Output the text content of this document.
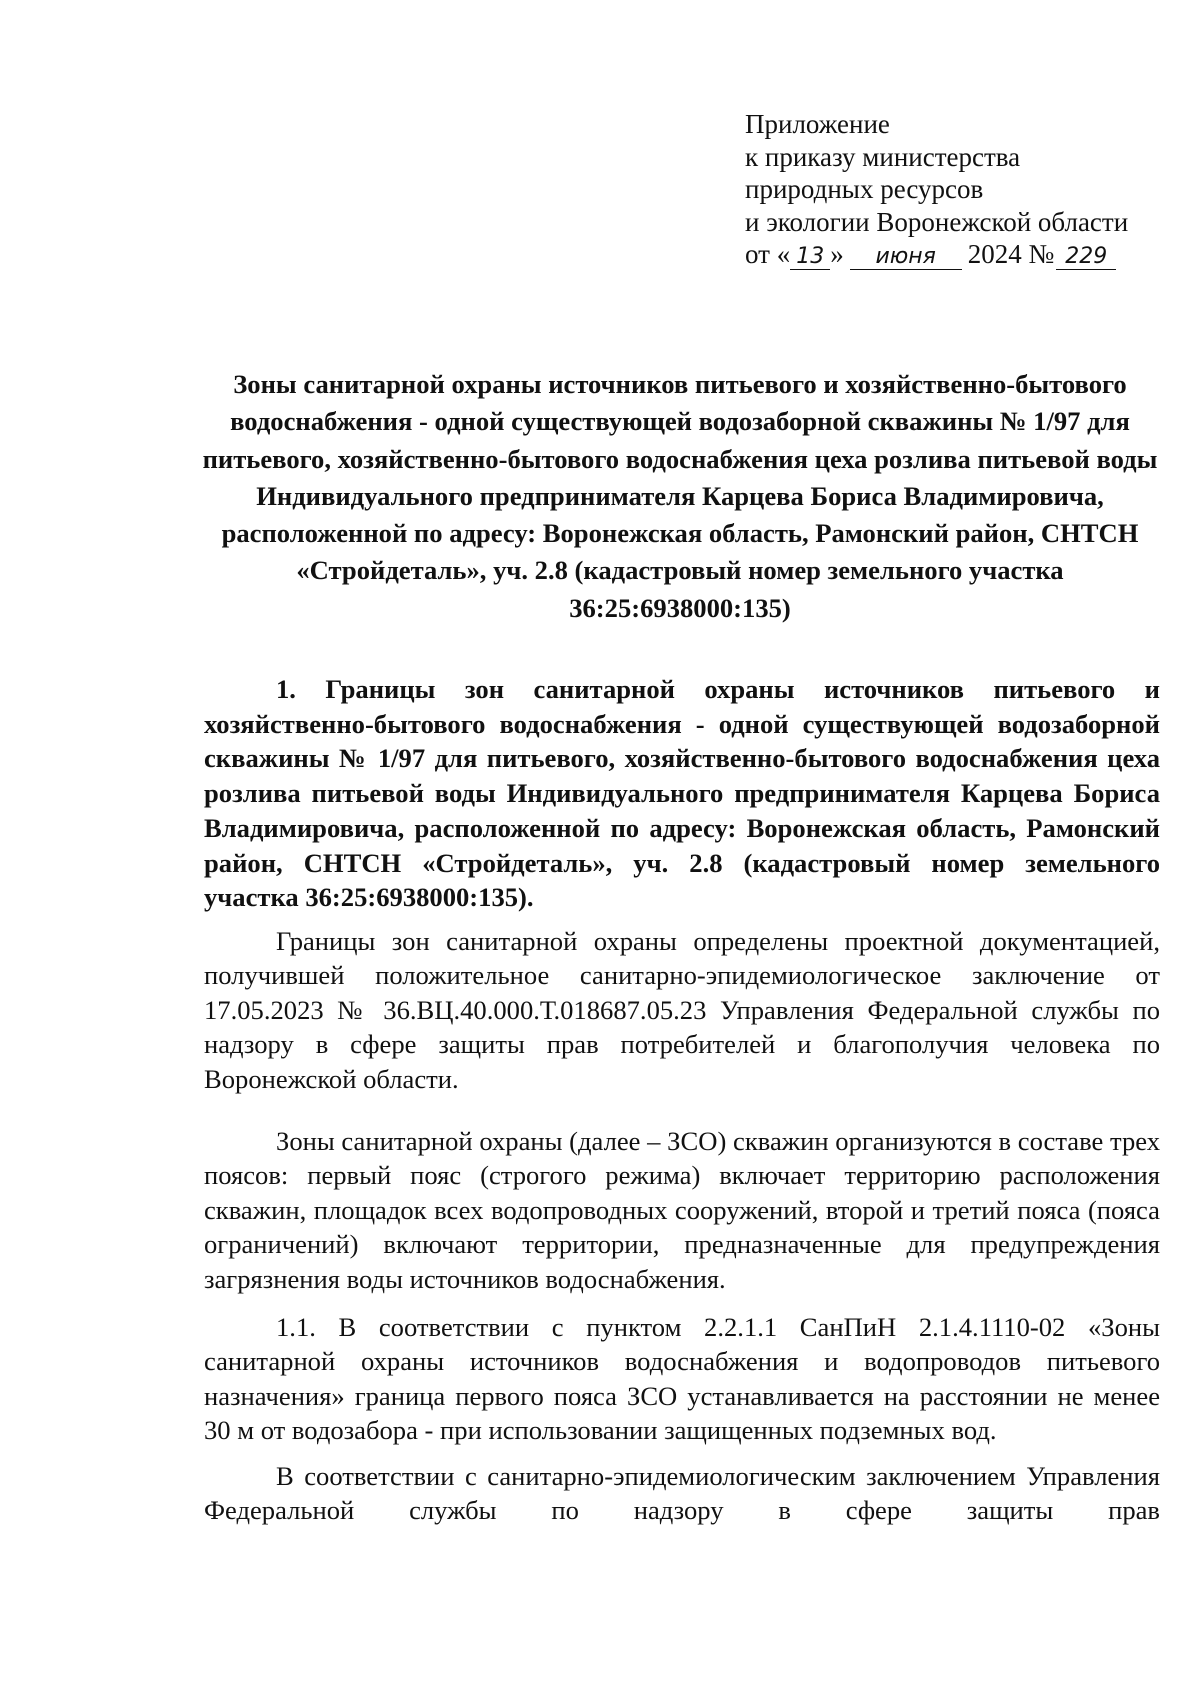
Приложение
к приказу министерства
природных ресурсов
и экологии Воронежской области
от « 13 » июня 2024 № 229
Зоны санитарной охраны источников питьевого и хозяйственно-бытового водоснабжения - одной существующей водозаборной скважины № 1/97 для питьевого, хозяйственно-бытового водоснабжения цеха розлива питьевой воды Индивидуального предпринимателя Карцева Бориса Владимировича, расположенной по адресу: Воронежская область, Рамонский район, СНТСН «Стройдеталь», уч. 2.8 (кадастровый номер земельного участка 36:25:6938000:135)
1. Границы зон санитарной охраны источников питьевого и хозяйственно-бытового водоснабжения - одной существующей водозаборной скважины № 1/97 для питьевого, хозяйственно-бытового водоснабжения цеха розлива питьевой воды Индивидуального предпринимателя Карцева Бориса Владимировича, расположенной по адресу: Воронежская область, Рамонский район, СНТСН «Стройдеталь», уч. 2.8 (кадастровый номер земельного участка 36:25:6938000:135).
Границы зон санитарной охраны определены проектной документацией, получившей положительное санитарно-эпидемиологическое заключение от 17.05.2023 № 36.ВЦ.40.000.Т.018687.05.23 Управления Федеральной службы по надзору в сфере защиты прав потребителей и благополучия человека по Воронежской области.
Зоны санитарной охраны (далее – ЗСО) скважин организуются в составе трех поясов: первый пояс (строгого режима) включает территорию расположения скважин, площадок всех водопроводных сооружений, второй и третий пояса (пояса ограничений) включают территории, предназначенные для предупреждения загрязнения воды источников водоснабжения.
1.1. В соответствии с пунктом 2.2.1.1 СанПиН 2.1.4.1110-02 «Зоны санитарной охраны источников водоснабжения и водопроводов питьевого назначения» граница первого пояса ЗСО устанавливается на расстоянии не менее 30 м от водозабора - при использовании защищенных подземных вод.
В соответствии с санитарно-эпидемиологическим заключением Управления Федеральной службы по надзору в сфере защиты прав
